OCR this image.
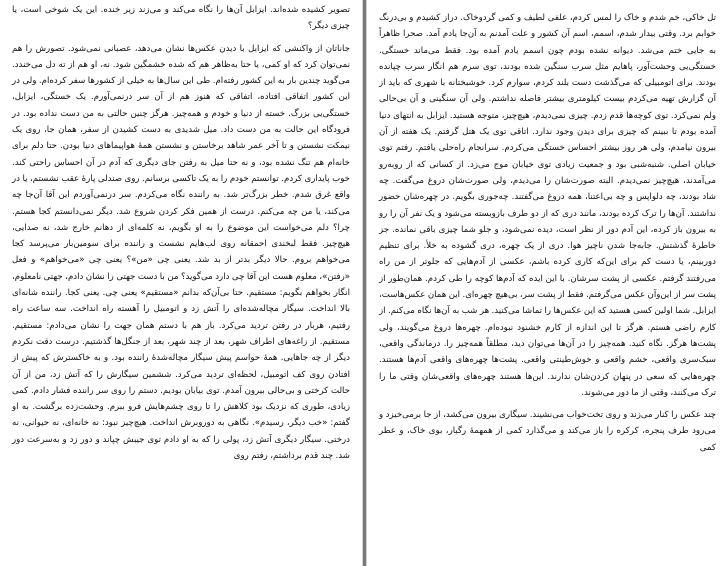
تصویر کشیده شده‌اند. ایزابل آن‌ها را نگاه می‌کند و می‌زند زیر خنده. این یک شوخی است، یا چیزی دیگر؟

جاناتان از واکنشی که ایزابل با دیدن عکس‌ها نشان می‌دهد، عصبانی نمی‌شود. تصورش را هم نمی‌توان کرد که او کمی، یا حتا به‌ظاهر هم که شده خشمگین شود. نه، او هم از ته دل می‌خندد. می‌گوید چندین بار به این کشور رفته‌ام. طی این سال‌ها به خیلی از کشورها سفر کرده‌ام. ولی در این کشور اتفاقی افتاده، اتفاقی که هنوز هم از آن سر درنمی‌آورم. یک خستگی، ایزابل، خستگی‌یی بزرگ. خسته از دنیا و خودم و همه‌چیز. هرگز چنین حالتی به من دست نداده بود. در فرودگاه این حالت به من دست داد. میل شدیدی به دست کشیدن از سفر، همان جا، روی یک نیمکت نشستن و تا آخر عمر شاهد برخاستن و نشستن همهٔ هواپیماهای دنیا بودن. حتا دلم برای خانه‌ام هم تنگ نشده بود، و نه حتا میل به رفتن جای دیگری که آدم در آن احساس راحتی کند. خوب پایداری کردم. توانستم خودم را به یک تاکسی برسانم. روی صندلی پارهٔ عقب نشستم، یا در واقع غرق شدم. خطر بزرگ‌تر شد. به راننده نگاه می‌کردم. سر درنمی‌آوردم این آقا آن‌جا چه می‌کند، یا من چه می‌کنم. درست از همین فکر کردن شروع شد. دیگر نمی‌دانستم کجا هستم. چرا؟ دلم می‌خواست این موضوع را به او بگویم، نه کلمه‌ای از دهانم خارج شد، نه صدایی، هیچ‌چیز. فقط لبخندی احمقانه روی لب‌هایم نشست و راننده برای سومین‌بار می‌پرسد کجا می‌خواهم بروم. حالا دیگر بدتر از بد شد. یعنی چی «من»؟ یعنی چی «می‌خواهم» و فعل «رفتن»، معلوم هست این آقا چی دارد می‌گوید؟ من با دست جهتی را نشان دادم، جهتی نامعلوم، انگار بخواهم بگویم: مستقیم. حتا بی‌آن‌که بدانم «مستقیم» یعنی چی. یعنی کجا. راننده شانه‌ای بالا انداخت. سیگار مچاله‌شده‌ای را آتش زد و اتومبیل را آهسته راه انداخت. سه ساعت راه رفتیم، هربار در رفتن تردید می‌کرد. باز هم با دستم همان جهت را نشان می‌دادم: مستقیم. مستقیم. از زاغه‌های اطراف شهر، بعد از چند شهر، بعد از جنگل‌ها گذشتیم. درست دقت نکردم دیگر از چه جاهایی. همهٔ حواسم پیش سیگار مچاله‌شدهٔ راننده بود. و به خاکسترش که پیش از افتادن روی کف اتومبیل، لحظه‌ای تردید می‌کرد. ششمین سیگارش را که آتش زد، من از آن حالت کرختی و بی‌حالی بیرون آمدم. توی بیابان بودیم. دستم را روی سر راننده فشار دادم. کمی زیادی، طوری که نزدیک بود کلاهش را تا روی چشم‌هایش فرو ببرم. وحشت‌زده برگشت. به او گفتم: «خب دیگر، رسیدم». نگاهی به دوروبرش انداخت. هیچ‌چیز نبود: نه خانه‌ای، نه حیوانی، نه درختی. سیگار دیگری آتش زد، پولی را که به او دادم توی جیبش چپاند و دور زد و به‌سرعت دور شد. چند قدم برداشتم، رفتم روی

تل خاکی، خم شدم و خاک را لمس کردم، علفی لطیف و کمی گردوخاک. دراز کشیدم و بی‌درنگ خوابم برد. وقتی بیدار شدم، اسمم، اسم آن کشور و علت آمدنم به آن‌جا یادم آمد. صحرا ظاهراً به جایی ختم می‌شد. دیوانه نشده بودم چون اسمم یادم آمده بود. فقط می‌ماند خستگی. خستگی‌یی وحشت‌آور، پاهایم مثل سرب سنگین شده بودند، توی سرم هم انگار سرب چپانده بودند. برای اتومبیلی که می‌گذشت دست بلند کردم، سوارم کرد. خوشبختانه با شهری که باید از آن گزارش تهیه می‌کردم بیست کیلومتری بیشتر فاصله نداشتم. ولی آن سنگینی و آن بی‌حالی ولم نمی‌کرد. توی کوچه‌ها قدم زدم. چیزی نمی‌دیدم، هیچ‌چیز، متوجه هستید. ایزابل به انتهای دنیا آمده بودم تا ببینم که چیزی برای دیدن وجود ندارد. اتاقی توی یک هتل گرفتم. یک هفته از آن بیرون نیامدم، ولی هر روز بیشتر احساس خستگی می‌کردم. سرانجام راه‌حلی یافتم. رفتم توی خیابان اصلی. شنبه‌شبی بود و جمعیت زیادی توی خیابان موج می‌زد. از کسانی که از روبه‌رو می‌آمدند، هیچ‌چیز نمی‌دیدم. البته صورت‌شان را می‌دیدم، ولی صورت‌شان دروغ می‌گفت. چه شاد بودند، چه دلواپس و چه بی‌اعتنا، همه دروغ می‌گفتند. چه‌جوری بگویم. در چهره‌شان حضور نداشتند. آن‌ها را ترک کرده بودند، مانند دری که از دو طرف بازوبسته می‌شود و یک نفر آن را رو به بیرون باز کرده، این آدم دور از نظر است، دیده نمی‌شود، و جلو شما چیزی باقی نمانده. جز خاطرهٔ گذشتش. جابه‌جا شدن ناچیز هوا. دری از یک چهره، دری گشوده به خلأ. برای تنظیم دوربینم، یا دست کم برای این‌که کاری کرده باشم، عکسی از آدم‌هایی که جلوتر از من راه می‌رفتند گرفتم. عکسی از پشت سرشان. با این ایده که آدم‌ها کوچه را طی کردم. همان‌طور از پشت سر از این‌وآن عکس می‌گرفتم. فقط از پشت سر، بی‌هیچ چهره‌ای. این همان عکس‌هاست، ایزابل. شما اولین کسی هستید که این عکس‌ها را تماشا می‌کنید. هر شب به آن‌ها نگاه می‌کنم. از کارم راضی هستم. هرگز تا این اندازه از کارم خشنود نبوده‌ام. چهره‌ها دروغ می‌گویند، ولی پشت‌ها هرگز. نگاه کنید. همه‌چیز را در آن‌ها می‌توان دید، مطلقاً همه‌چیز را. درماندگی واقعی، سبک‌سری واقعی، خشم واقعی و خوش‌طینتی واقعی. پشت‌ها چهره‌های واقعی آدم‌ها هستند. چهره‌هایی که سعی در پنهان کردن‌شان ندارند. این‌ها هستند چهره‌های واقعی‌شان وقتی ما را ترک می‌کنند، وقتی از ما دور می‌شوند.

چند عکس را کنار می‌زند و روی تخت‌خواب می‌نشیند. سیگاری بیرون می‌کشد، از جا برمی‌خیزد و می‌رود طرف پنجره، کرکره را باز می‌کند و می‌گذارد کمی از همهمهٔ رگبار، بوی خاک، و عطر کمی
